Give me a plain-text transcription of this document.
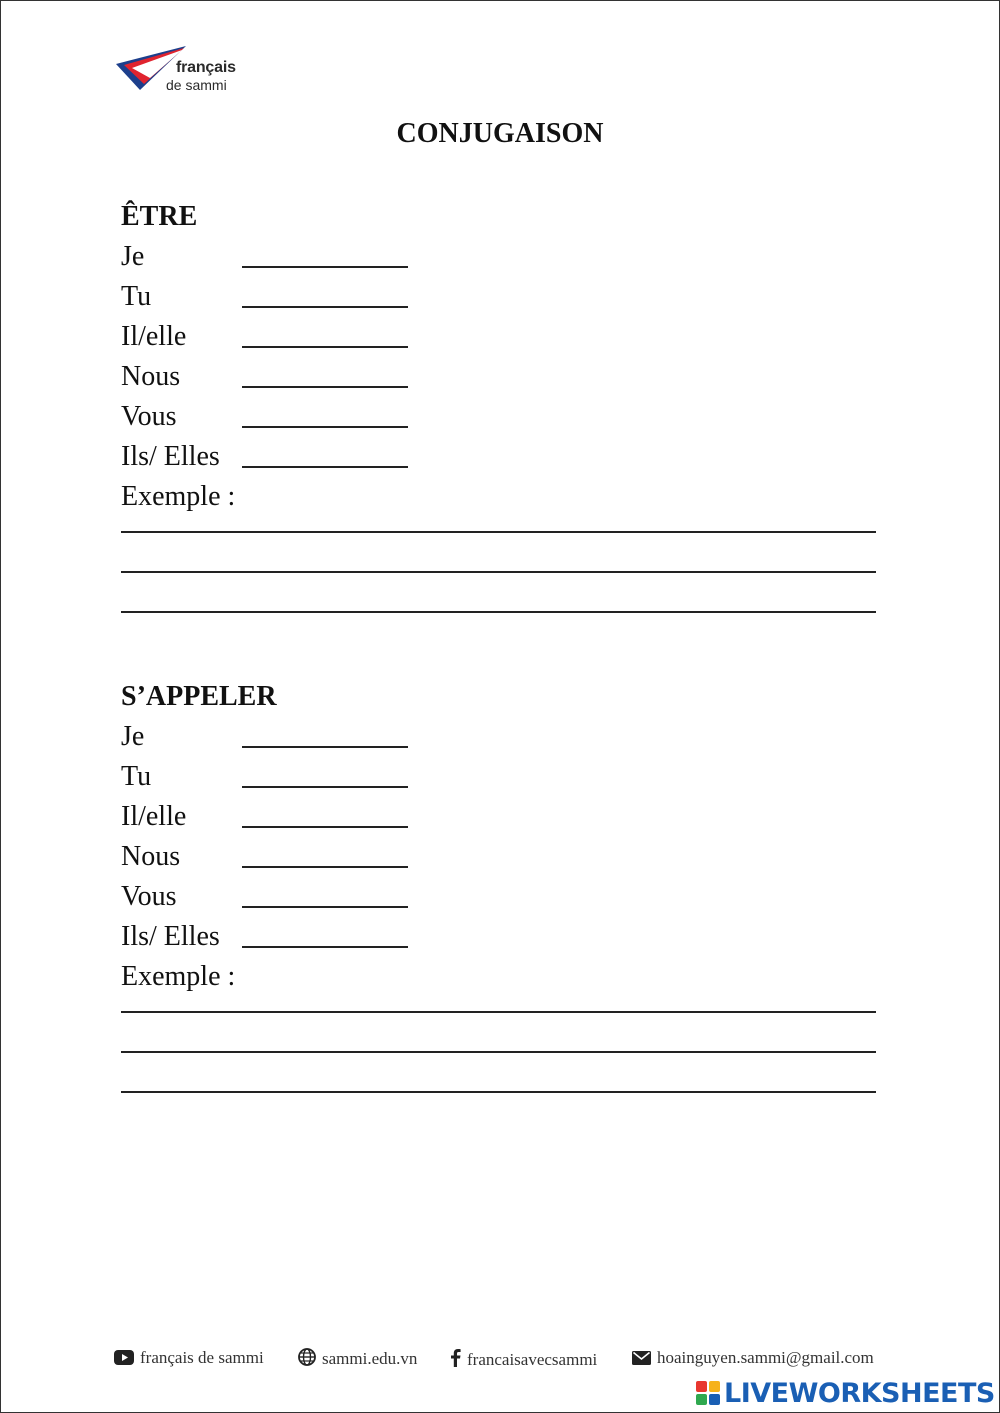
français
de sammi
CONJUGAISON
ÊTRE
Je
Tu
Il/elle
Nous
Vous
Ils/ Elles
Exemple :
S’APPELER
Je
Tu
Il/elle
Nous
Vous
Ils/ Elles
Exemple :
français de sammi	sammi.edu.vn	francaisavecsammi	hoainguyen.sammi@gmail.com
LIVEWORKSHEETS
